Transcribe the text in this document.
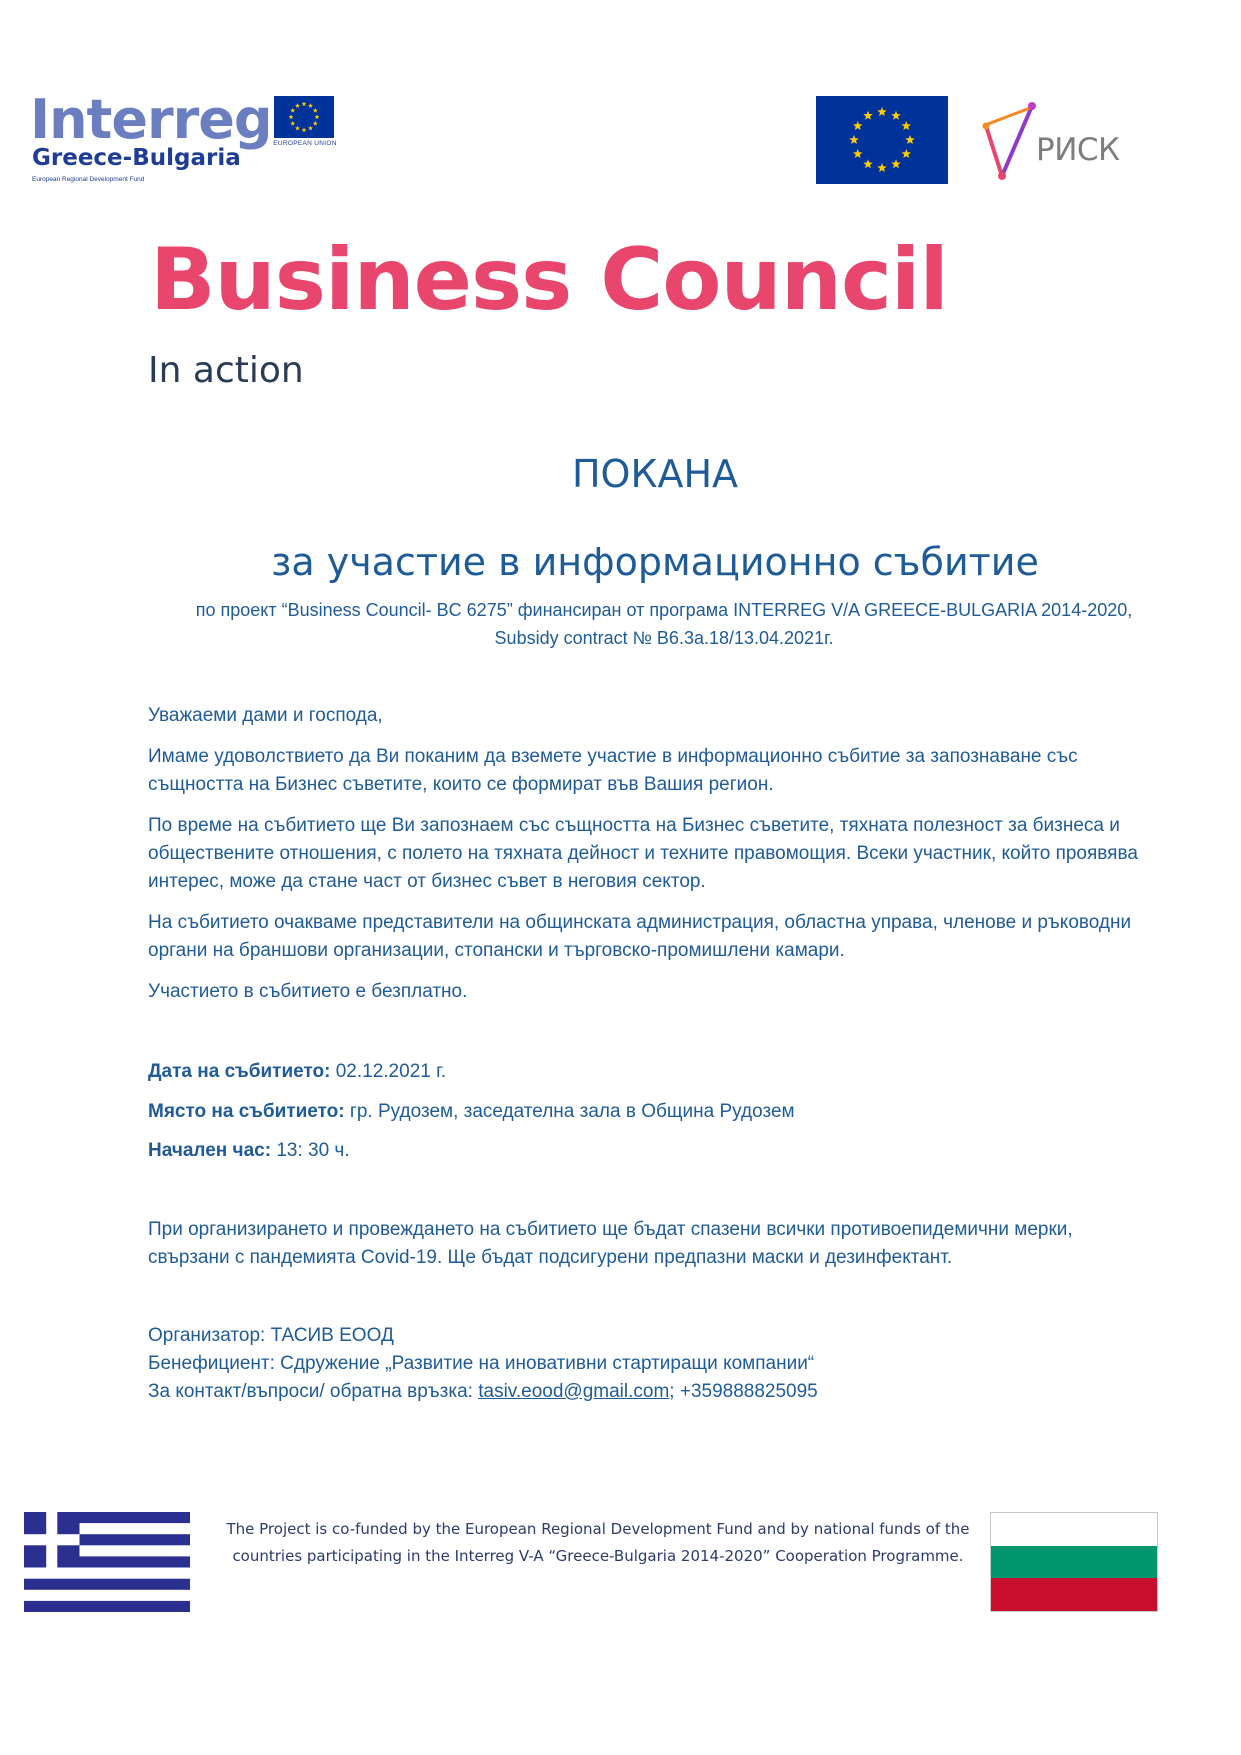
Interreg
Greece-Bulgaria
European Regional Development Fund
EUROPEAN UNION	РИСК
Business Council
In action
ПОКАНА
за участие в информационно събитие
по проект “Business Council- BC 6275” финансиран от програма INTERREG V/A GREECE-BULGARIA 2014-2020, Subsidy contract № B6.3a.18/13.04.2021г.
Уважаеми дами и господа,
Имаме удоволствието да Ви поканим да вземете участие в информационно събитие за запознаване със същността на Бизнес съветите, които се формират във Вашия регион.
По време на събитието ще Ви запознаем със същността на Бизнес съветите, тяхната полезност за бизнеса и обществените отношения, с полето на тяхната дейност и техните правомощия. Всеки участник, който проявява интерес, може да стане част от бизнес съвет в неговия сектор.
На събитието очакваме представители на общинската администрация, областна управа, членове и ръководни органи на браншови организации, стопански и търговско-промишлени камари.
Участието в събитието е безплатно.
Дата на събитието: 02.12.2021 г.
Място на събитието: гр. Рудозем, заседателна зала в Община Рудозем
Начален час: 13: 30 ч.
При организирането и провеждането на събитието ще бъдат спазени всички противоепидемични мерки, свързани с пандемията Covid-19. Ще бъдат подсигурени предпазни маски и дезинфектант.
Организатор: ТАСИВ ЕООД
Бенефициент: Сдружение „Развитие на иновативни стартиращи компании“
За контакт/въпроси/ обратна връзка: tasiv.eood@gmail.com; +359888825095
The Project is co-funded by the European Regional Development Fund and by national funds of the countries participating in the Interreg V-A “Greece-Bulgaria 2014-2020” Cooperation Programme.
